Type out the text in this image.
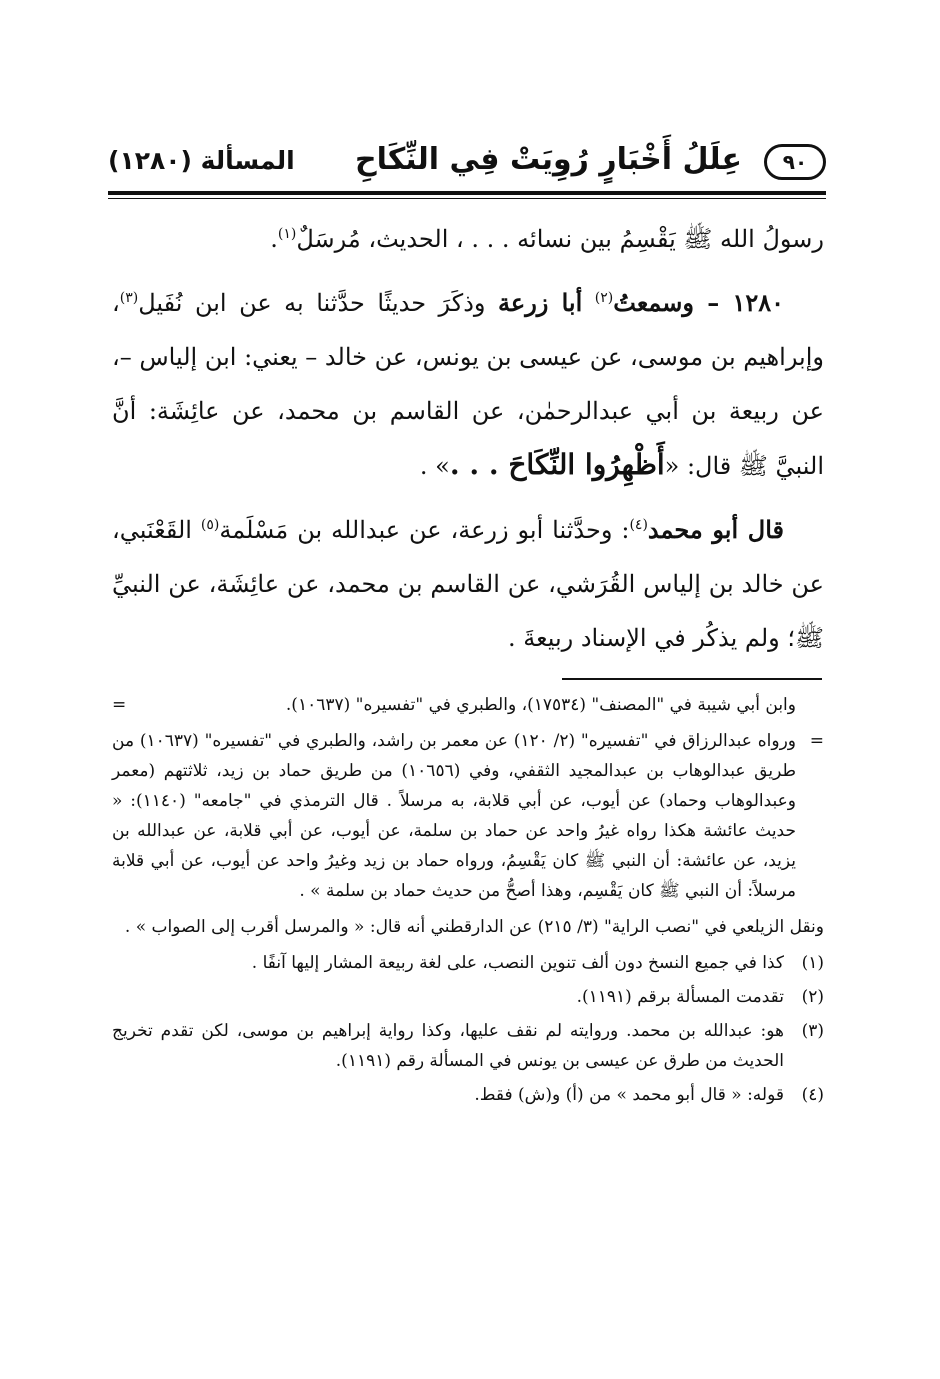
٩٠
عِلَلُ أَخْبَارٍ رُوِيَتْ فِي النِّكَاحِ
المسألة (١٢٨٠)

رسولُ الله ﷺ يَقْسِمُ بين نسائه . . . ، الحديث، مُرسَلٌ$^{(١)}$.

١٢٨٠ – وسمعتُ$^{(٢)}$ أبا زرعة وذكَرَ حديثًا حدَّثنا به عن ابن نُفَيل$^{(٣)}$، وإبراهيم بن موسى، عن عيسى بن يونس، عن خالد – يعني: ابن إلياس –، عن ربيعة بن أبي عبدالرحمٰن، عن القاسم بن محمد، عن عائِشَة: أنَّ النبيَّ ﷺ قال: «أَظْهِرُوا النِّكَاحَ . . .» .

قال أبو محمد$^{(٤)}$: وحدَّثنا أبو زرعة، عن عبدالله بن مَسْلَمة$^{(٥)}$ القَعْنَبي، عن خالد بن إلياس القُرَشي، عن القاسم بن محمد، عن عائِشَة، عن النبيِّ ﷺ؛ ولم يذكُر في الإسناد ربيعةَ .

=	وابن أبي شيبة في "المصنف" (١٧٥٣٤)، والطبري في "تفسيره" (١٠٦٣٧).
=
ورواه عبدالرزاق في "تفسيره" (٢/ ١٢٠) عن معمر بن راشد، والطبري في "تفسيره" (١٠٦٣٧) من طريق عبدالوهاب بن عبدالمجيد الثقفي، وفي (١٠٦٥٦) من طريق حماد بن زيد، ثلاثتهم (معمر وعبدالوهاب وحماد) عن أيوب، عن أبي قلابة، به مرسلاً . قال الترمذي في "جامعه" (١١٤٠): « حديث عائشة هكذا رواه غيرُ واحد عن حماد بن سلمة، عن أيوب، عن أبي قلابة، عن عبدالله بن يزيد، عن عائشة: أن النبي ﷺ كان يَقْسِمُ، ورواه حماد بن زيد وغيرُ واحد عن أيوب، عن أبي قلابة مرسلاً: أن النبي ﷺ كان يَقْسِم، وهذا أصحُّ من حديث حماد بن سلمة » .
ونقل الزيلعي في "نصب الراية" (٣/ ٢١٥) عن الدارقطني أنه قال: « والمرسل أقرب إلى الصواب » .
(١)
كذا في جميع النسخ دون ألف تنوين النصب، على لغة ربيعة المشار إليها آنفًا .
(٢)
تقدمت المسألة برقم (١١٩١).
(٣)
هو: عبدالله بن محمد. وروايته لم نقف عليها، وكذا رواية إبراهيم بن موسى، لكن تقدم تخريج الحديث من طرق عن عيسى بن يونس في المسألة رقم (١١٩١).
(٤)
قوله: « قال أبو محمد » من (أ) و(ش) فقط.
